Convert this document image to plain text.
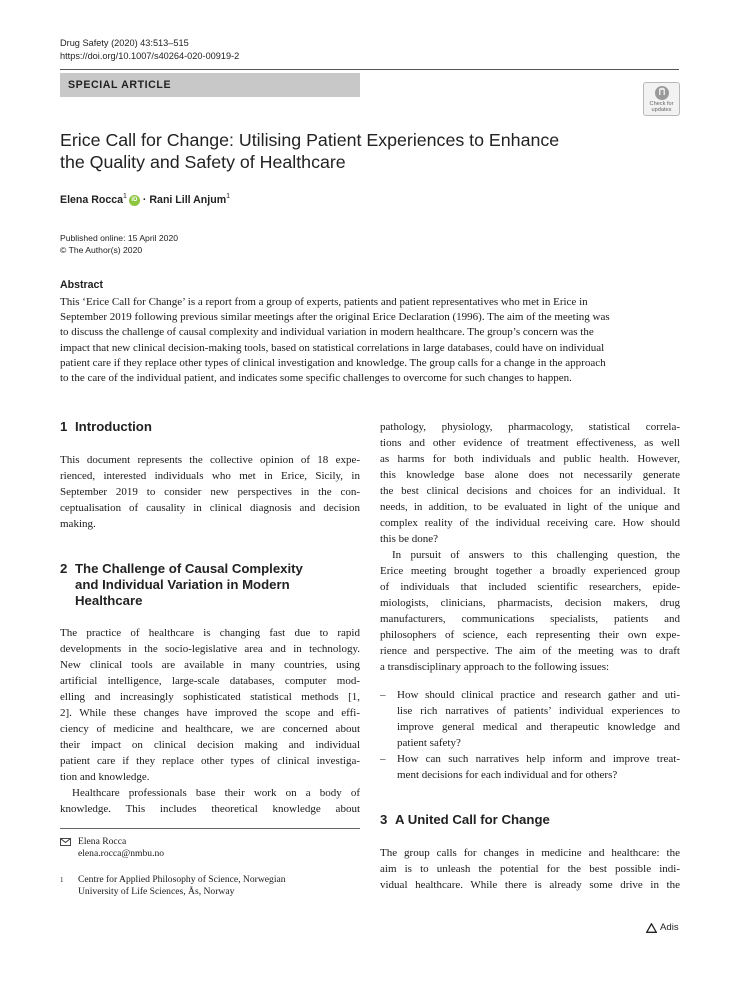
Drug Safety (2020) 43:513–515
https://doi.org/10.1007/s40264-020-00919-2
SPECIAL ARTICLE
Check for
updates
Erice Call for Change: Utilising Patient Experiences to Enhance
the Quality and Safety of Healthcare
Elena Rocca$^1$ iD ·
Rani Lill Anjum$^1$
Published online: 15 April 2020
© The Author(s) 2020
Abstract
This ‘Erice Call for Change’ is a report from a group of experts, patients and patient representatives who met in Erice in
September 2019 following previous similar meetings after the original Erice Declaration (1996). The aim of the meeting was
to discuss the challenge of causal complexity and individual variation in modern healthcare. The group’s concern was the
impact that new clinical decision-making tools, based on statistical correlations in large databases, could have on individual
patient care if they replace other types of clinical investigation and knowledge. The group calls for a change in the approach
to the care of the individual patient, and indicates some specific challenges to overcome for such changes to happen.
1 Introduction
This document represents the collective opinion of 18 expe-
rienced, interested individuals who met in Erice, Sicily, in
September 2019 to consider new perspectives in the con-
ceptualisation of causality in clinical diagnosis and decision
making.
2 The Challenge of Causal Complexity
and Individual Variation in Modern
Healthcare
The practice of healthcare is changing fast due to rapid
developments in the socio-legislative area and in technology.
New clinical tools are available in many countries, using
artificial intelligence, large-scale databases, computer mod-
elling and increasingly sophisticated statistical methods [1,
2]. While these changes have improved the scope and effi-
ciency of medicine and healthcare, we are concerned about
their impact on clinical decision making and individual
patient care if they replace other types of clinical investiga-
tion and knowledge.
Healthcare professionals base their work on a body of
knowledge. This includes theoretical knowledge about
Elena Rocca
elena.rocca@nmbu.no
1	Centre for Applied Philosophy of Science, Norwegian
University of Life Sciences, Ås, Norway
pathology, physiology, pharmacology, statistical correla-
tions and other evidence of treatment effectiveness, as well
as harms for both individuals and public health. However,
this knowledge base alone does not necessarily generate
the best clinical decisions and choices for an individual. It
needs, in addition, to be evaluated in light of the unique and
complex reality of the individual receiving care. How should
this be done?
In pursuit of answers to this challenging question, the
Erice meeting brought together a broadly experienced group
of individuals that included scientific researchers, epide-
miologists, clinicians, pharmacists, decision makers, drug
manufacturers, communications specialists, patients and
philosophers of science, each representing their own expe-
rience and perspective. The aim of the meeting was to draft
a transdisciplinary approach to the following issues:
– How should clinical practice and research gather and uti-
lise rich narratives of patients’ individual experiences to
improve general medical and therapeutic knowledge and
patient safety?
– How can such narratives help inform and improve treat-
ment decisions for each individual and for others?
3 A United Call for Change
The group calls for changes in medicine and healthcare: the
aim is to unleash the potential for the best possible indi-
vidual healthcare. While there is already some drive in the
Adis
